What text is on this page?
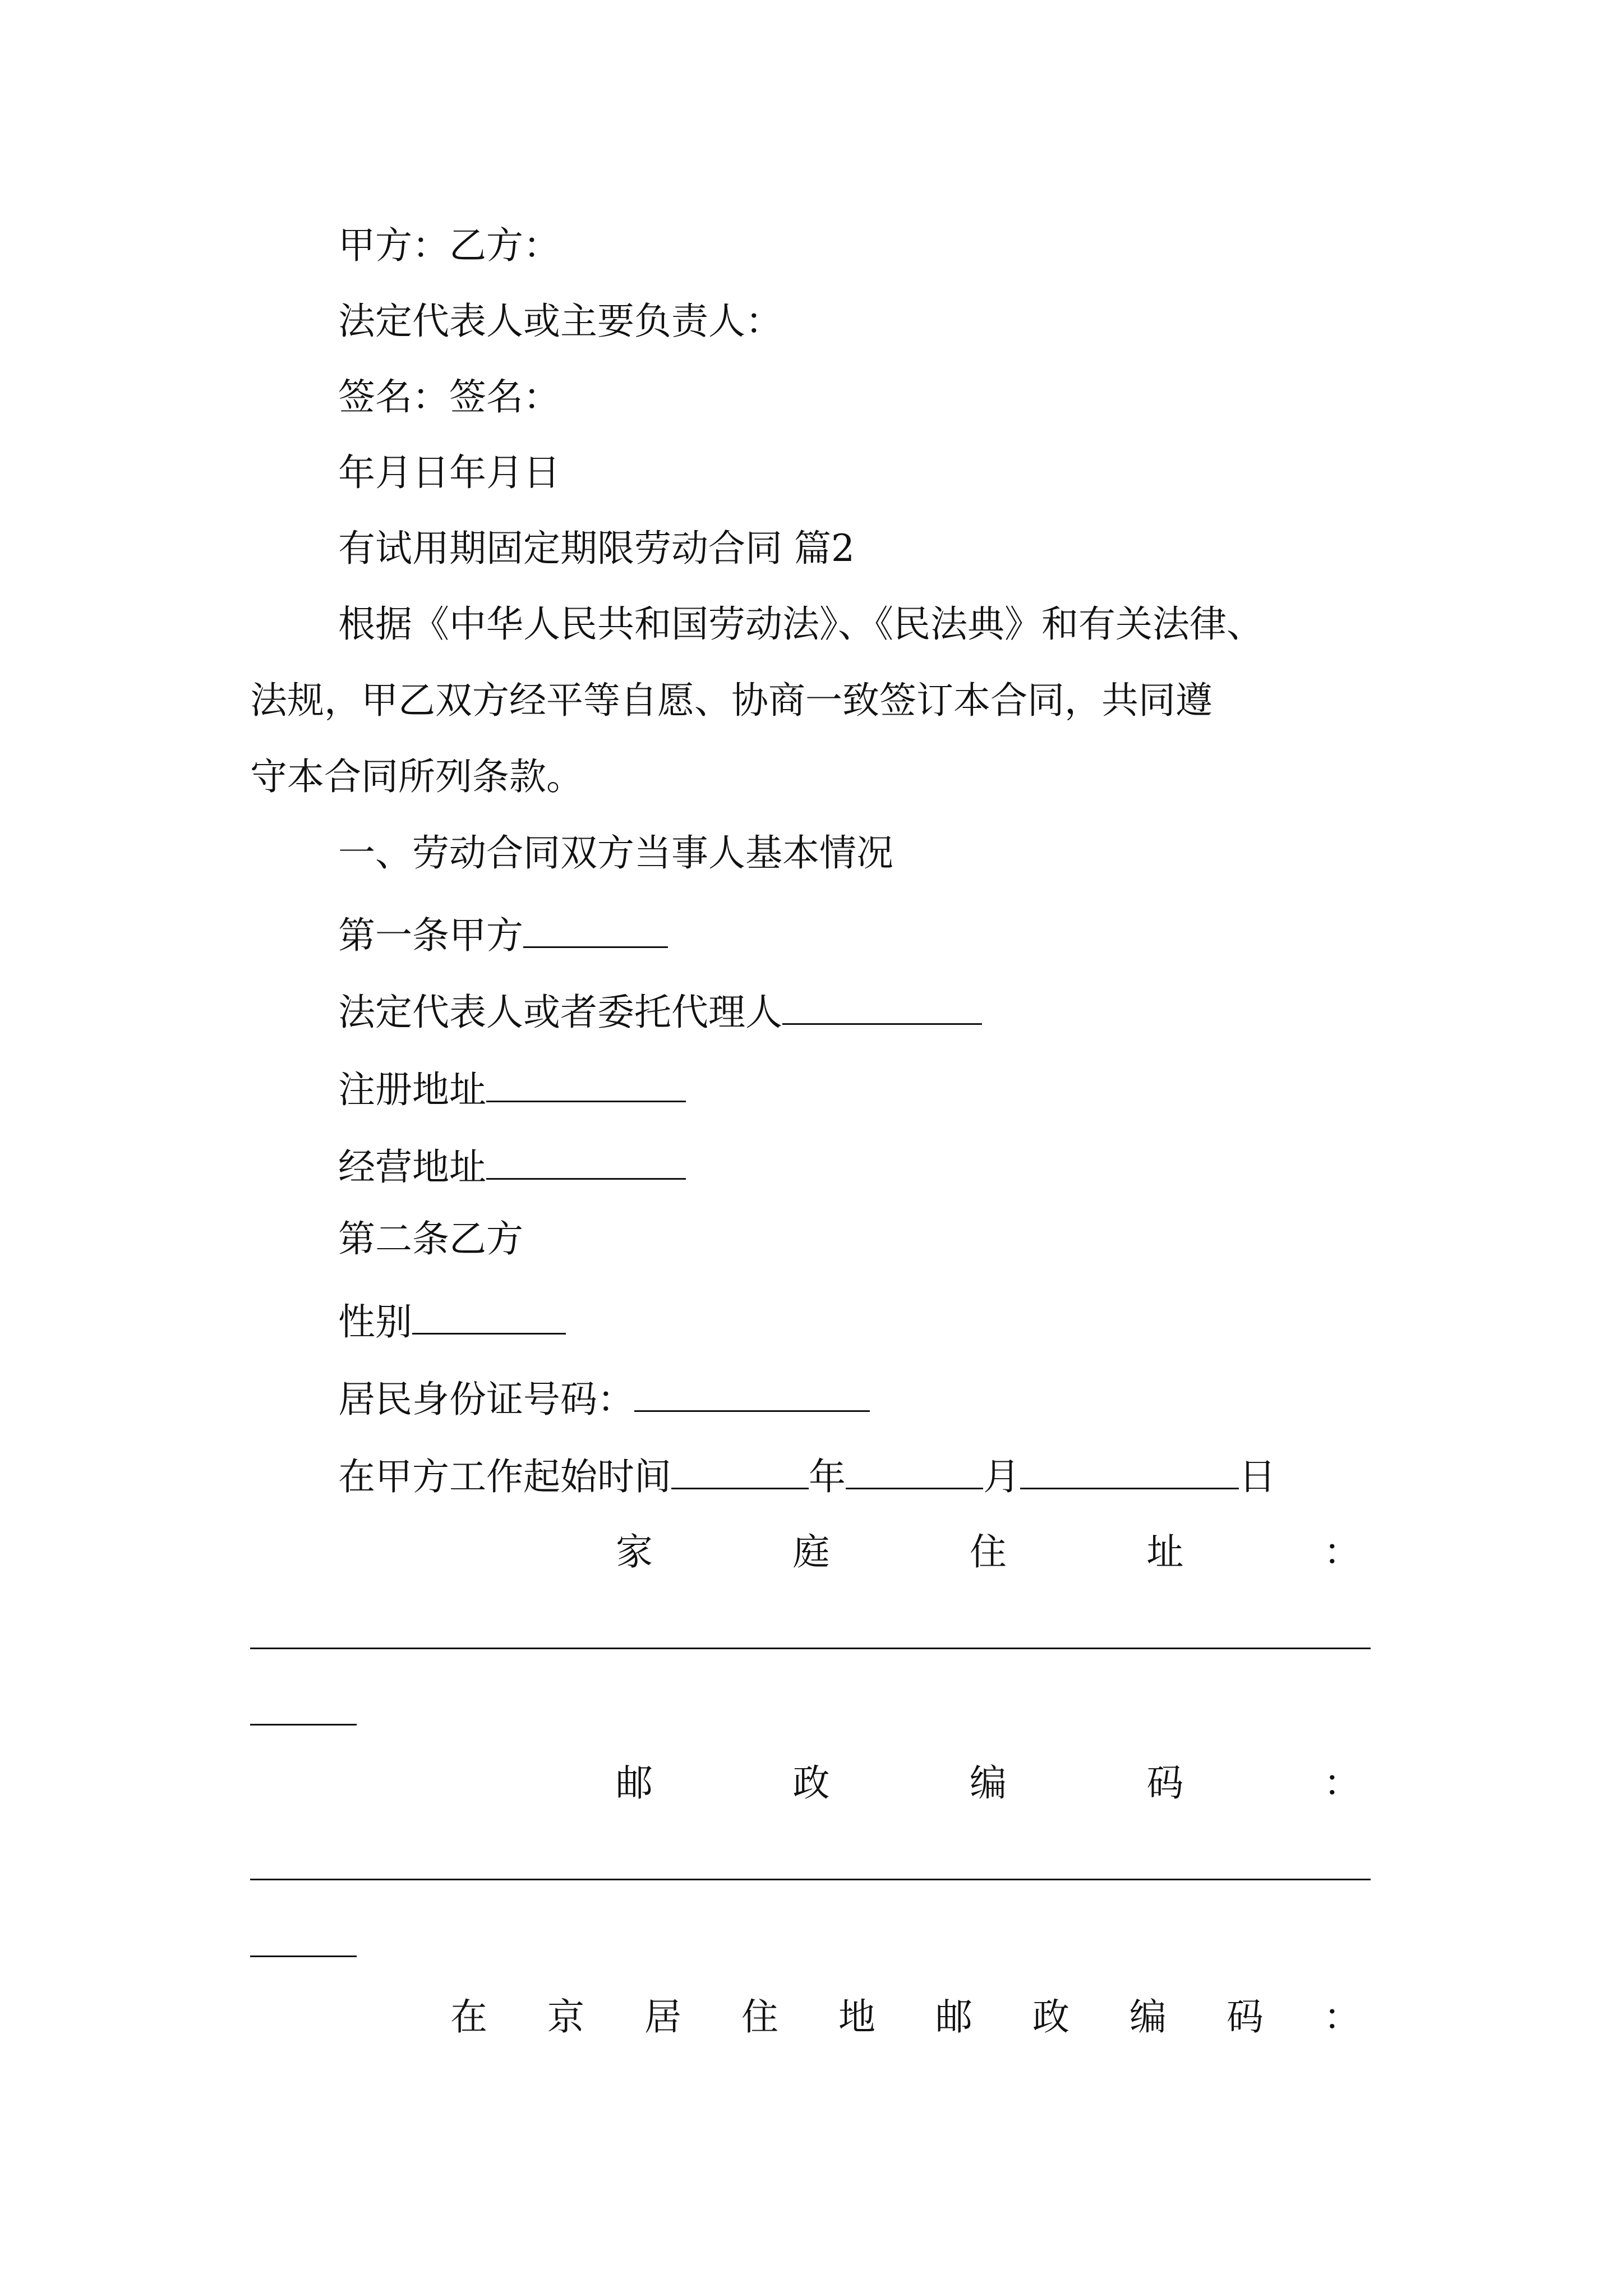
甲方：乙方：

法定代表人或主要负责人：

签名：签名：

年月日年月日

有试用期固定期限劳动合同 篇2

根据《中华人民共和国劳动法》、《民法典》和有关法律、

法规，甲乙双方经平等自愿、协商一致签订本合同，共同遵

守本合同所列条款。

一、劳动合同双方当事人基本情况

第一条甲方

法定代表人或者委托代理人

注册地址

经营地址

第二条乙方

性别

居民身份证号码：

在甲方工作起始时间	年	月	日

家	庭	住	址	：
邮	政	编	码	：
在 京 居 住 地 邮 政 编 码 ：
